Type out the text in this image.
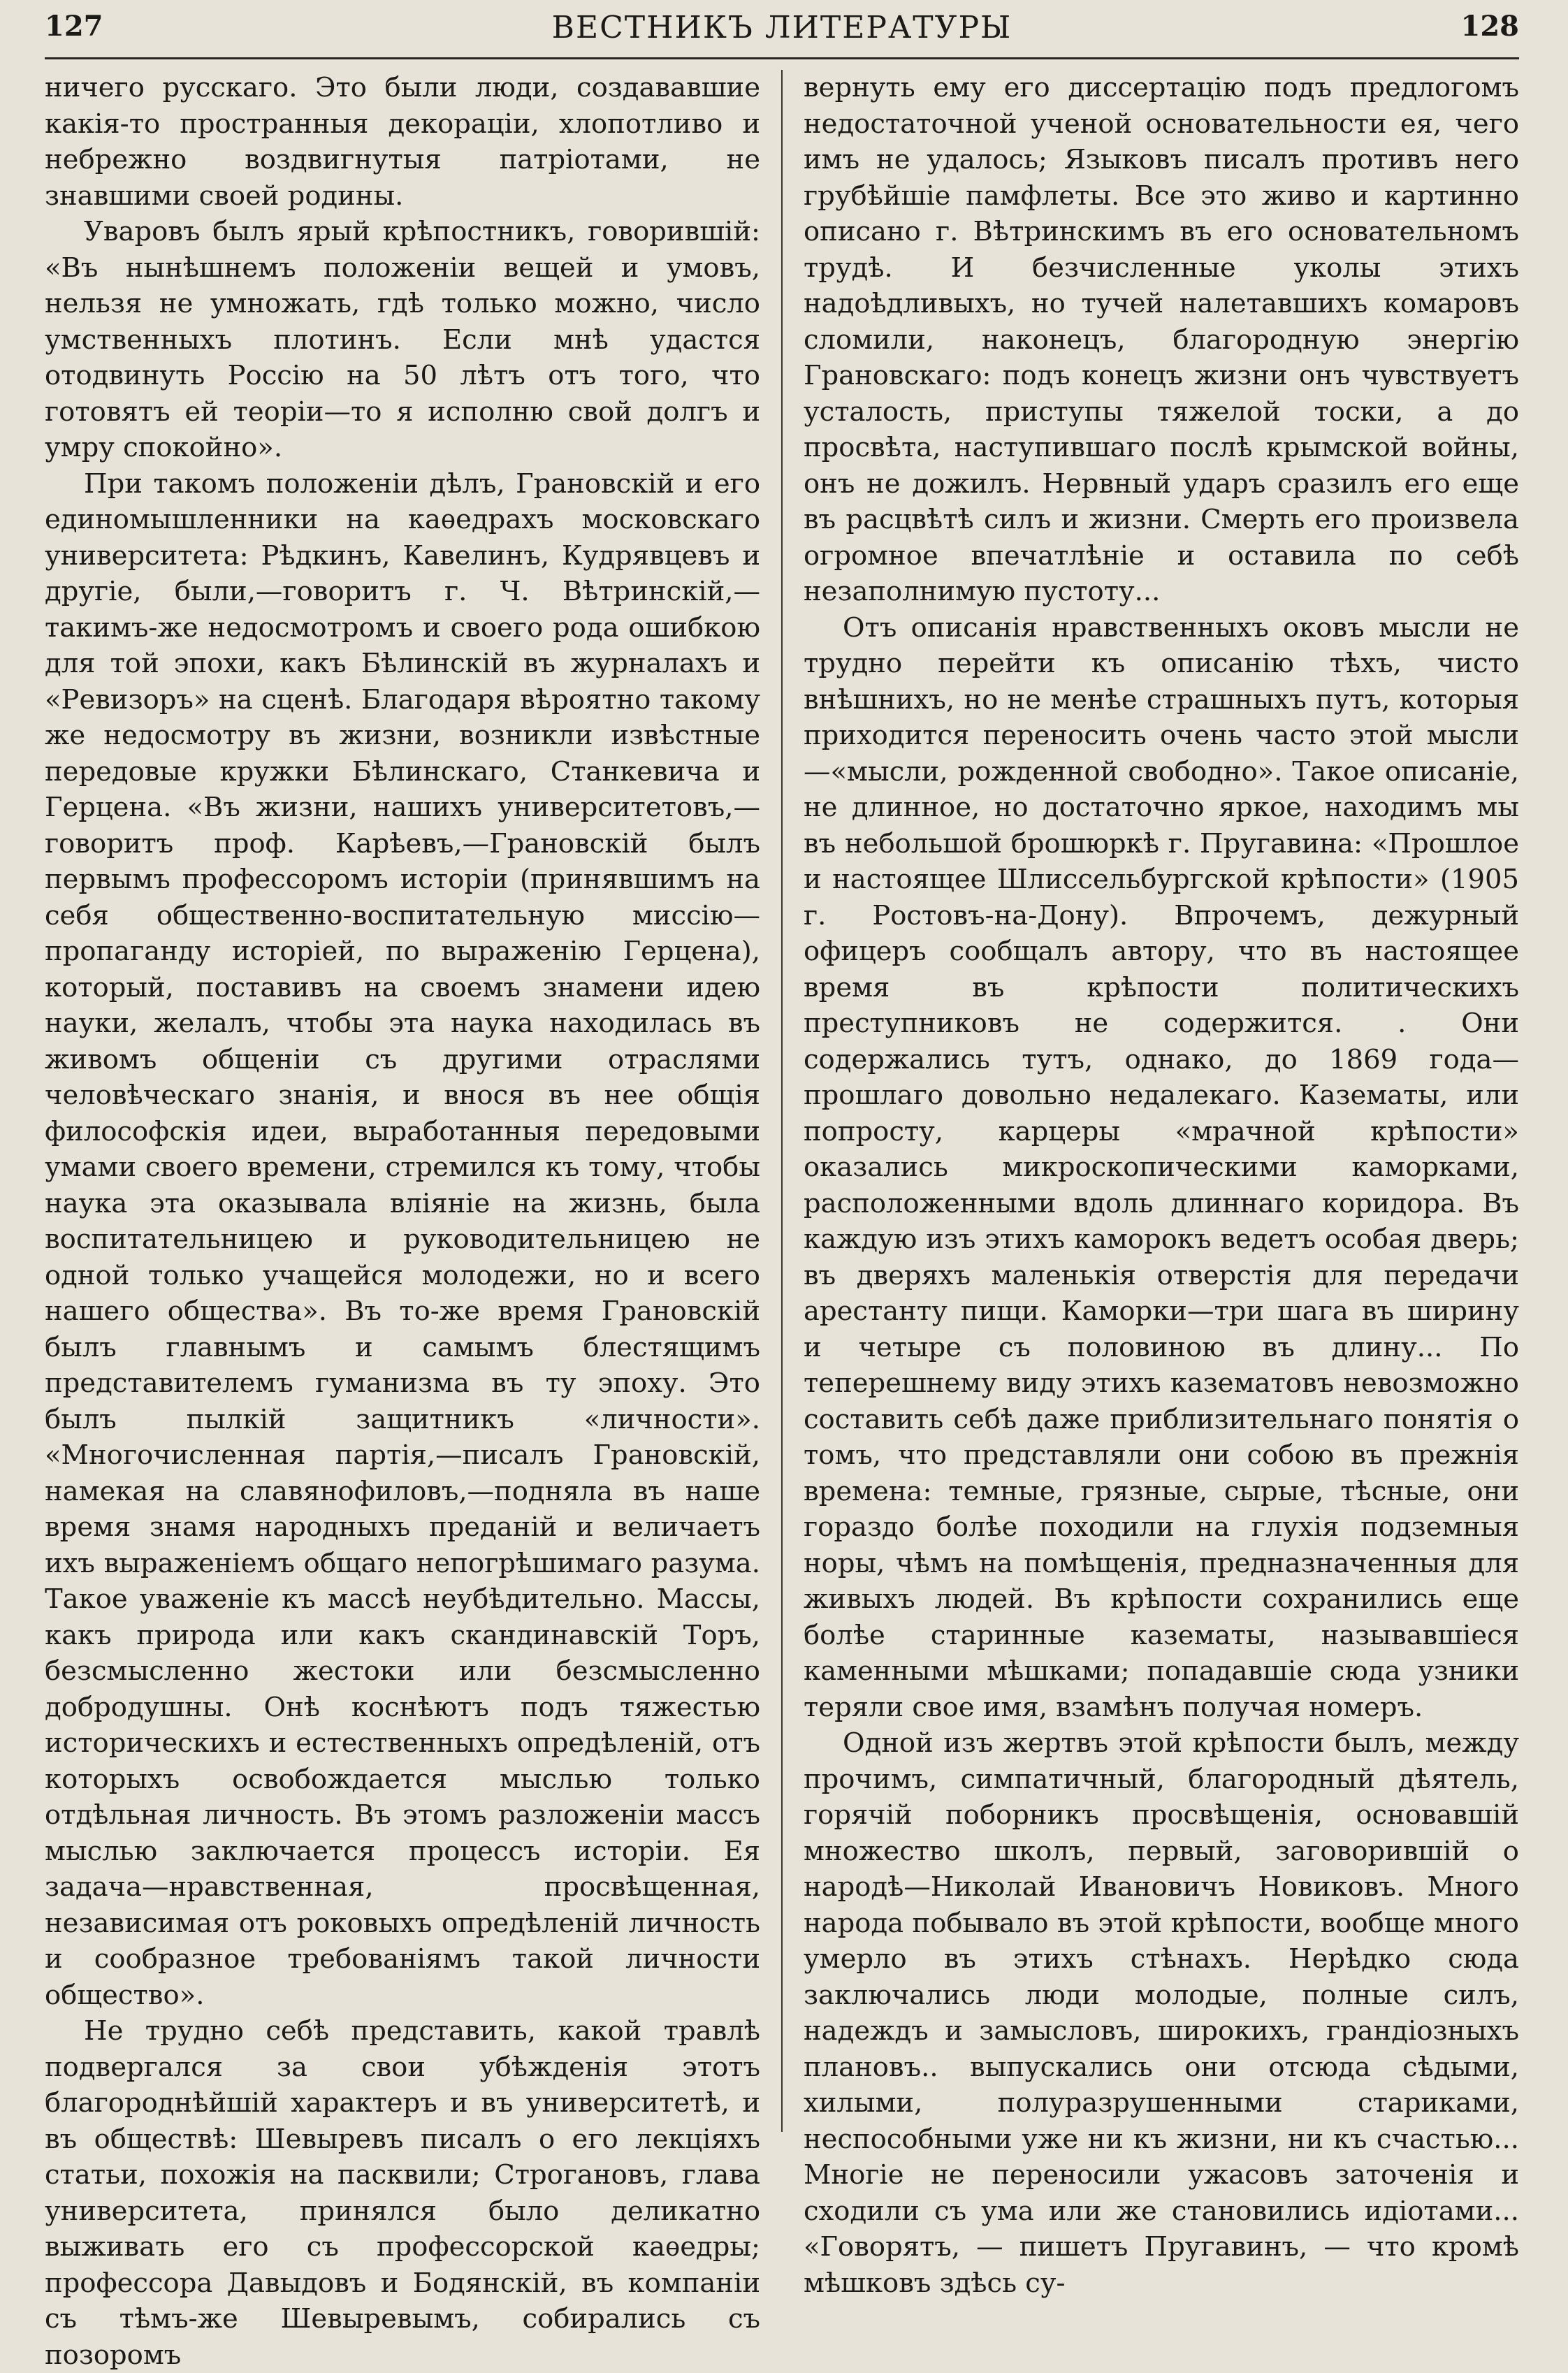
127	ВЕСТНИКЪ ЛИТЕРАТУРЫ	128

ничего русскаго. Это были люди, создававшие какія-то пространныя декораціи, хлопотливо и небрежно воздвигнутыя патріотами, не знавшими своей родины.

Уваровъ былъ ярый крѣпостникъ, говорившій: «Въ нынѣшнемъ положеніи вещей и умовъ, нельзя не умножать, гдѣ только можно, число умственныхъ плотинъ. Если мнѣ удастся отодвинуть Россію на 50 лѣтъ отъ того, что готовятъ ей теоріи—то я исполню свой долгъ и умру спокойно».

При такомъ положеніи дѣлъ, Грановскій и его единомышленники на каѳедрахъ московскаго университета: Рѣдкинъ, Кавелинъ, Кудрявцевъ и другіе, были,—говоритъ г. Ч. Вѣтринскій,—такимъ-же недосмотромъ и своего рода ошибкою для той эпохи, какъ Бѣлинскій въ журналахъ и «Ревизоръ» на сценѣ. Благодаря вѣроятно такому же недосмотру въ жизни, возникли извѣстные передовые кружки Бѣлинскаго, Станкевича и Герцена. «Въ жизни, нашихъ университетовъ,— говоритъ проф. Карѣевъ,—Грановскій былъ первымъ профессоромъ исторіи (принявшимъ на себя общественно-воспитательную миссію—пропаганду исторіей, по выраженію Герцена), который, поставивъ на своемъ знамени идею науки, желалъ, чтобы эта наука находилась въ живомъ общеніи съ другими отраслями человѣческаго знанія, и внося въ нее общія философскія идеи, выработанныя передовыми умами своего времени, стремился къ тому, чтобы наука эта оказывала вліяніе на жизнь, была воспитательницею и руководительницею не одной только учащейся молодежи, но и всего нашего общества». Въ то-же время Грановскій былъ главнымъ и самымъ блестящимъ представителемъ гуманизма въ ту эпоху. Это былъ пылкій защитникъ «личности». «Многочисленная партія,—писалъ Грановскій, намекая на славянофиловъ,—подняла въ наше время знамя народныхъ преданій и величаетъ ихъ выраженіемъ общаго непогрѣшимаго разума. Такое уваженіе къ массѣ неубѣдительно. Массы, какъ природа или какъ скандинавскій Торъ, безсмысленно жестоки или безсмысленно добродушны. Онѣ коснѣютъ подъ тяжестью историческихъ и естественныхъ опредѣленій, отъ которыхъ освобождается мыслью только отдѣльная личность. Въ этомъ разложеніи массъ мыслью заключается процессъ исторіи. Ея задача—нравственная, просвѣщенная, независимая отъ роковыхъ опредѣленій личность и сообразное требованіямъ такой личности общество».

Не трудно себѣ представить, какой травлѣ подвергался за свои убѣжденія этотъ благороднѣйшій характеръ и въ университетѣ, и въ обществѣ: Шевыревъ писалъ о его лекціяхъ статьи, похожія на пасквили; Строгановъ, глава университета, принялся было деликатно выживать его съ профессорской каѳедры; профессора Давыдовъ и Бодянскій, въ компаніи съ тѣмъ-же Шевыревымъ, собирались съ позоромъ

вернуть ему его диссертацію подъ предлогомъ недостаточной ученой основательности ея, чего имъ не удалось; Языковъ писалъ противъ него грубѣйшіе памфлеты. Все это живо и картинно описано г. Вѣтринскимъ въ его основательномъ трудѣ. И безчисленные уколы этихъ надоѣдливыхъ, но тучей налетавшихъ комаровъ сломили, наконецъ, благородную энергію Грановскаго: подъ конецъ жизни онъ чувствуетъ усталость, приступы тяжелой тоски, а до просвѣта, наступившаго послѣ крымской войны, онъ не дожилъ. Нервный ударъ сразилъ его еще въ расцвѣтѣ силъ и жизни. Смерть его произвела огромное впечатлѣніе и оставила по себѣ незаполнимую пустоту...

Отъ описанія нравственныхъ оковъ мысли не трудно перейти къ описанію тѣхъ, чисто внѣшнихъ, но не менѣе страшныхъ путъ, которыя приходится переносить очень часто этой мысли—«мысли, рожденной свободно». Такое описаніе, не длинное, но достаточно яркое, находимъ мы въ небольшой брошюркѣ г. Пругавина: «Прошлое и настоящее Шлиссельбургской крѣпости» (1905 г. Ростовъ-на-Дону). Впрочемъ, дежурный офицеръ сообщалъ автору, что въ настоящее время въ крѣпости политическихъ преступниковъ не содержится. . Они содержались тутъ, однако, до 1869 года—прошлаго довольно недалекаго. Казематы, или попросту, карцеры «мрачной крѣпости» оказались микроскопическими каморками, расположенными вдоль длиннаго коридора. Въ каждую изъ этихъ каморокъ ведетъ особая дверь; въ дверяхъ маленькія отверстія для передачи арестанту пищи. Каморки—три шага въ ширину и четыре съ половиною въ длину... По теперешнему виду этихъ казематовъ невозможно составить себѣ даже приблизительнаго понятія о томъ, что представляли они собою въ прежнія времена: темные, грязные, сырые, тѣсные, они гораздо болѣе походили на глухія подземныя норы, чѣмъ на помѣщенія, предназначенныя для живыхъ людей. Въ крѣпости сохранились еще болѣе старинные казематы, называвшіеся каменными мѣшками; попадавшіе сюда узники теряли свое имя, взамѣнъ получая номеръ.

Одной изъ жертвъ этой крѣпости былъ, между прочимъ, симпатичный, благородный дѣятель, горячій поборникъ просвѣщенія, основавшій множество школъ, первый, заговорившій о народѣ—Николай Ивановичъ Новиковъ. Много народа побывало въ этой крѣпости, вообще много умерло въ этихъ стѣнахъ. Нерѣдко сюда заключались люди молодые, полные силъ, надеждъ и замысловъ, широкихъ, грандіозныхъ плановъ.. выпускались они отсюда сѣдыми, хилыми, полуразрушенными стариками, неспособными уже ни къ жизни, ни къ счастью... Многіе не переносили ужасовъ заточенія и сходили съ ума или же становились идіотами... «Говорятъ, — пишетъ Пругавинъ, — что кромѣ мѣшковъ здѣсь су-
